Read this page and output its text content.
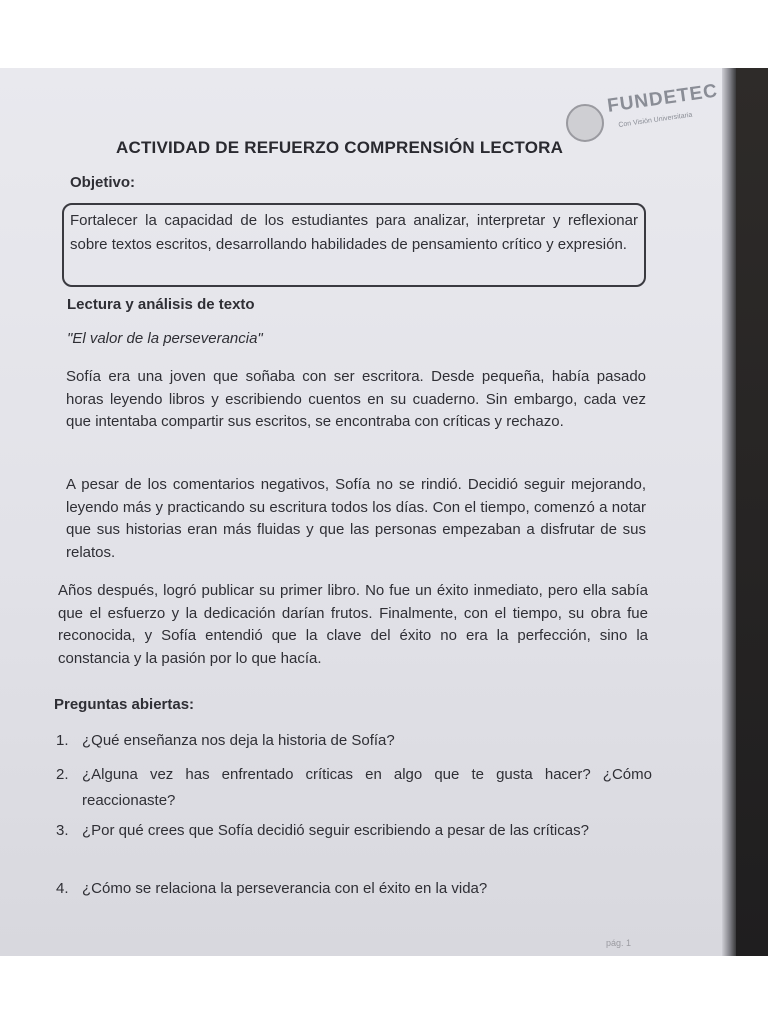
FUNDETEC
Con Visión Universitaria
ACTIVIDAD DE REFUERZO COMPRENSIÓN LECTORA
Objetivo:
Fortalecer la capacidad de los estudiantes para analizar, interpretar y reflexionar sobre textos escritos, desarrollando habilidades de pensamiento crítico y expresión.
Lectura y análisis de texto
"El valor de la perseverancia"
Sofía era una joven que soñaba con ser escritora. Desde pequeña, había pasado horas leyendo libros y escribiendo cuentos en su cuaderno. Sin embargo, cada vez que intentaba compartir sus escritos, se encontraba con críticas y rechazo.
A pesar de los comentarios negativos, Sofía no se rindió. Decidió seguir mejorando, leyendo más y practicando su escritura todos los días. Con el tiempo, comenzó a notar que sus historias eran más fluidas y que las personas empezaban a disfrutar de sus relatos.
Años después, logró publicar su primer libro. No fue un éxito inmediato, pero ella sabía que el esfuerzo y la dedicación darían frutos. Finalmente, con el tiempo, su obra fue reconocida, y Sofía entendió que la clave del éxito no era la perfección, sino la constancia y la pasión por lo que hacía.
Preguntas abiertas:
1. ¿Qué enseñanza nos deja la historia de Sofía?
2. ¿Alguna vez has enfrentado críticas en algo que te gusta hacer? ¿Cómo reaccionaste?
3. ¿Por qué crees que Sofía decidió seguir escribiendo a pesar de las críticas?
4. ¿Cómo se relaciona la perseverancia con el éxito en la vida?
pág. 1
